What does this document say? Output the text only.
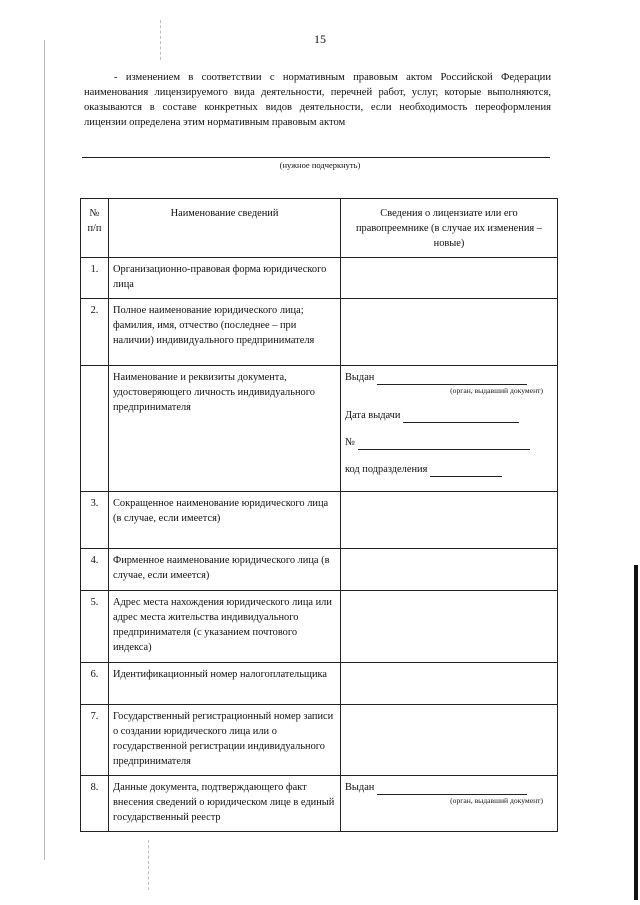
15
- изменением в соответствии с нормативным правовым актом Российской Федерации наименования лицензируемого вида деятельности, перечней работ, услуг, которые выполняются, оказываются в составе конкретных видов деятельности, если необходимость переоформления лицензии определена этим нормативным правовым актом
(нужное подчеркнуть)
№ п/п	Наименование сведений	Сведения о лицензиате или его правопреемнике (в случае их изменения – новые)
1.	Организационно-правовая форма юридического лица	
2.	Полное наименование юридического лица; фамилия, имя, отчество (последнее – при наличии) индивидуального предпринимателя	
	Наименование и реквизиты документа, удостоверяющего личность индивидуального предпринимателя	Выдан
(орган, выдавший документ)
Дата выдачи
№
код подразделения

3.	Сокращенное наименование юридического лица (в случае, если имеется)	
4.	Фирменное наименование юридического лица (в случае, если имеется)	
5.	Адрес места нахождения юридического лица или адрес места жительства индивидуального предпринимателя (с указанием почтового индекса)	
6.	Идентификационный номер налогоплательщика	
7.	Государственный регистрационный номер записи о создании юридического лица или о государственной регистрации индивидуального предпринимателя	
8.	Данные документа, подтверждающего факт внесения сведений о юридическом лице в единый государственный реестр	Выдан
(орган, выдавший документ)
